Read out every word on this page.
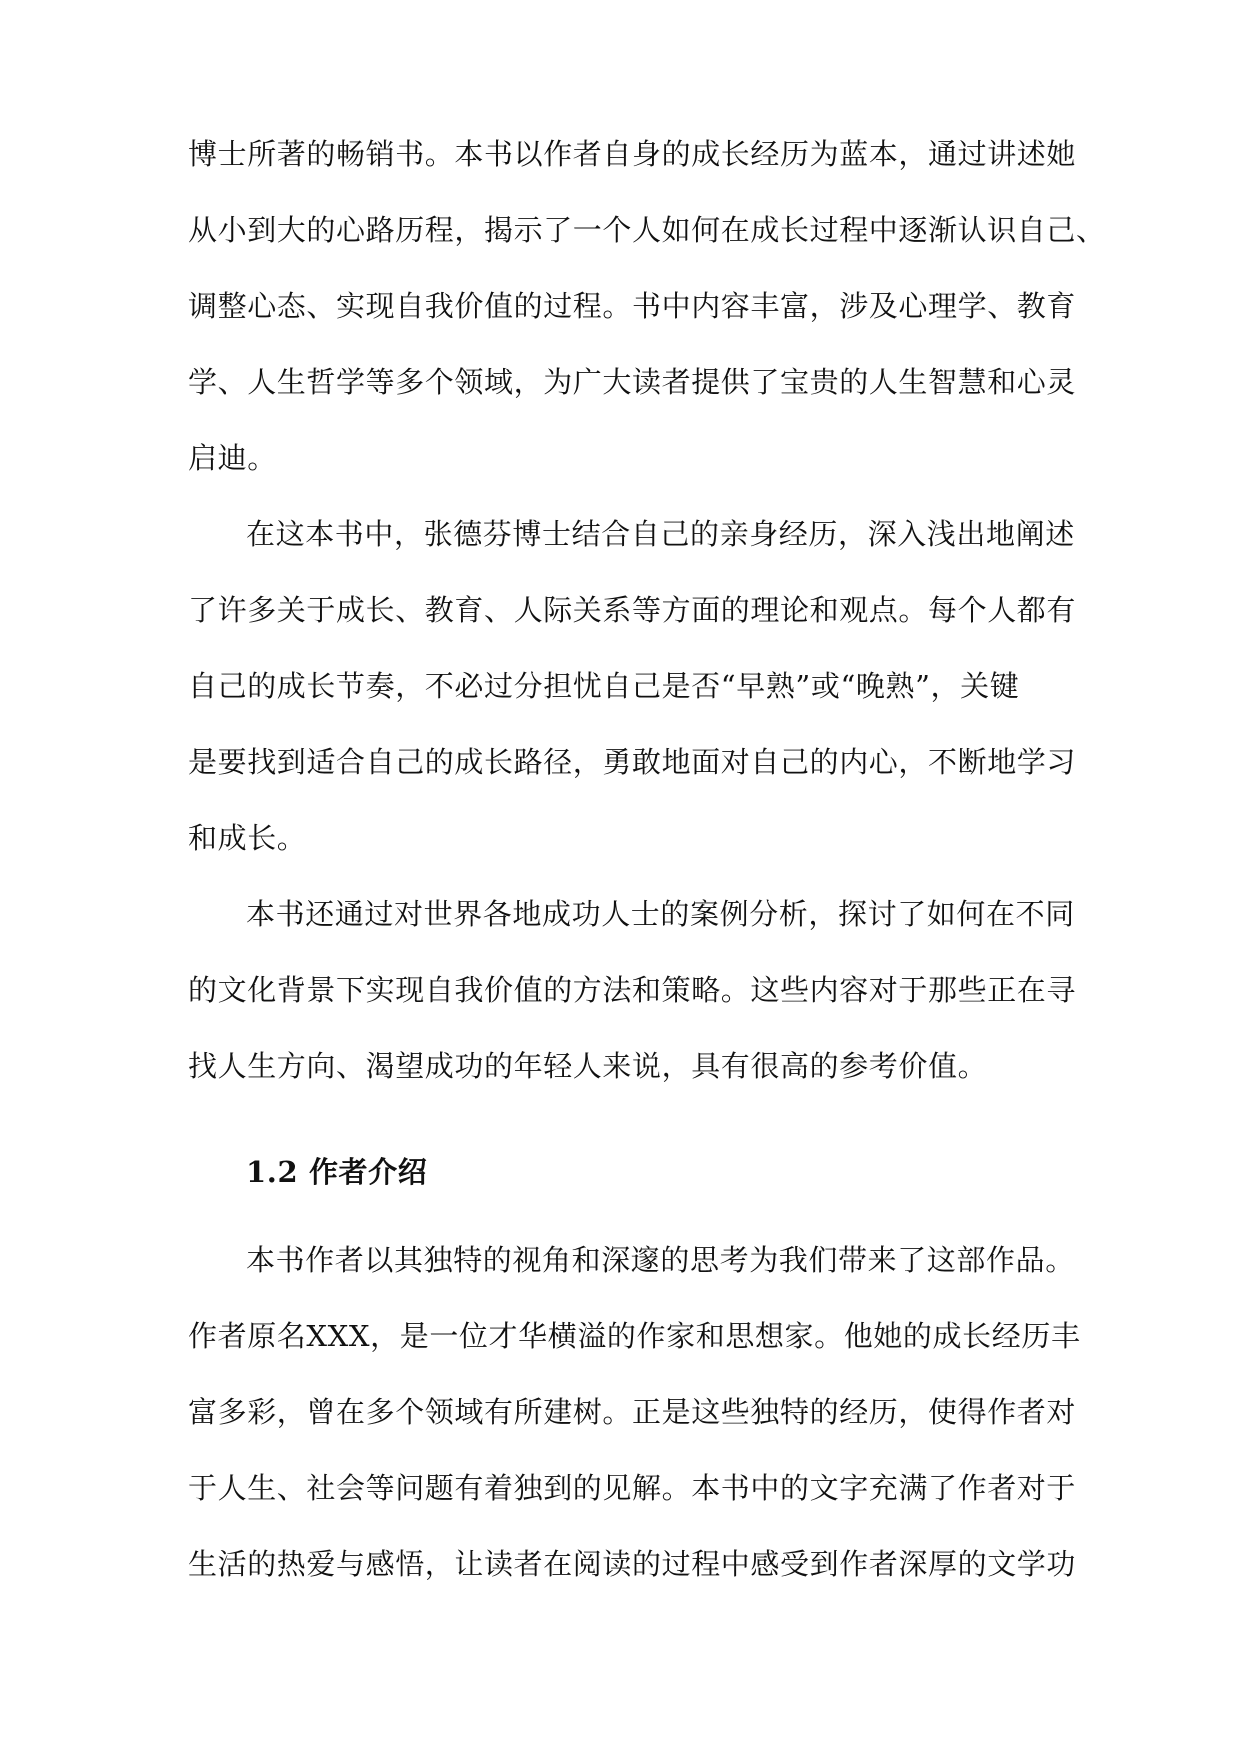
博士所著的畅销书。本书以作者自身的成长经历为蓝本，通过讲述她
从小到大的心路历程，揭示了一个人如何在成长过程中逐渐认识自己、
调整心态、实现自我价值的过程。书中内容丰富，涉及心理学、教育
学、人生哲学等多个领域，为广大读者提供了宝贵的人生智慧和心灵
启迪。
在这本书中，张德芬博士结合自己的亲身经历，深入浅出地阐述
了许多关于成长、教育、人际关系等方面的理论和观点。每个人都有
自己的成长节奏，不必过分担忧自己是否“早熟”或“晚熟”，关键
是要找到适合自己的成长路径，勇敢地面对自己的内心，不断地学习
和成长。
本书还通过对世界各地成功人士的案例分析，探讨了如何在不同
的文化背景下实现自我价值的方法和策略。这些内容对于那些正在寻
找人生方向、渴望成功的年轻人来说，具有很高的参考价值。
1.2 作者介绍
本书作者以其独特的视角和深邃的思考为我们带来了这部作品。
作者原名XXX，是一位才华横溢的作家和思想家。他她的成长经历丰
富多彩，曾在多个领域有所建树。正是这些独特的经历，使得作者对
于人生、社会等问题有着独到的见解。本书中的文字充满了作者对于
生活的热爱与感悟，让读者在阅读的过程中感受到作者深厚的文学功
